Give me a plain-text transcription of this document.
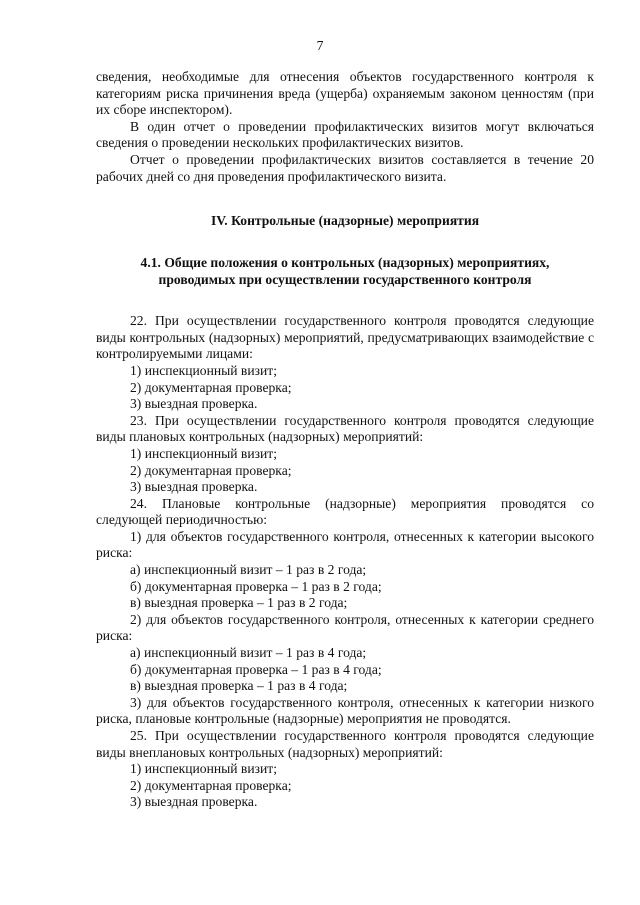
7

сведения, необходимые для отнесения объектов государственного контроля к категориям риска причинения вреда (ущерба) охраняемым законом ценностям (при их сборе инспектором).

В один отчет о проведении профилактических визитов могут включаться сведения о проведении нескольких профилактических визитов.

Отчет о проведении профилактических визитов составляется в течение 20 рабочих дней со дня проведения профилактического визита.

IV. Контрольные (надзорные) мероприятия

4.1. Общие положения о контрольных (надзорных) мероприятиях,
проводимых при осуществлении государственного контроля

22. При осуществлении государственного контроля проводятся следующие виды контрольных (надзорных) мероприятий, предусматривающих взаимодействие с контролируемыми лицами:

1) инспекционный визит;

2) документарная проверка;

3) выездная проверка.

23. При осуществлении государственного контроля проводятся следующие виды плановых контрольных (надзорных) мероприятий:

1) инспекционный визит;

2) документарная проверка;

3) выездная проверка.

24. Плановые контрольные (надзорные) мероприятия проводятся со следующей периодичностью:

1) для объектов государственного контроля, отнесенных к категории высокого риска:

а) инспекционный визит – 1 раз в 2 года;

б) документарная проверка – 1 раз в 2 года;

в) выездная проверка – 1 раз в 2 года;

2) для объектов государственного контроля, отнесенных к категории среднего риска:

а) инспекционный визит – 1 раз в 4 года;

б) документарная проверка – 1 раз в 4 года;

в) выездная проверка – 1 раз в 4 года;

3) для объектов государственного контроля, отнесенных к категории низкого риска, плановые контрольные (надзорные) мероприятия не проводятся.

25. При осуществлении государственного контроля проводятся следующие виды внеплановых контрольных (надзорных) мероприятий:

1) инспекционный визит;

2) документарная проверка;

3) выездная проверка.
